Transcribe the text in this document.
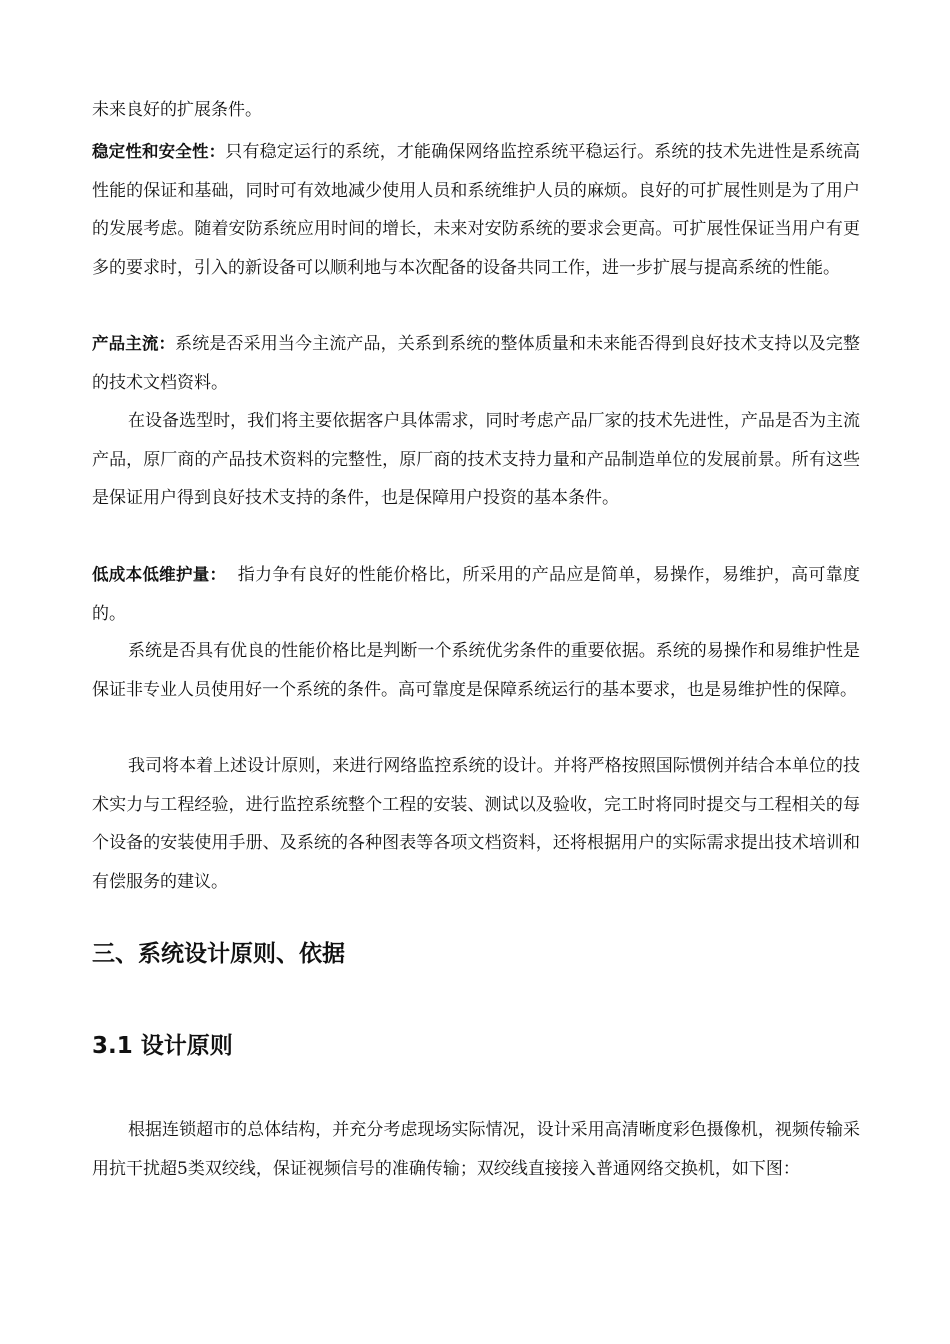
未来良好的扩展条件。

稳定性和安全性：只有稳定运行的系统，才能确保网络监控系统平稳运行。系统的技术先进性是系统高性能的保证和基础，同时可有效地减少使用人员和系统维护人员的麻烦。良好的可扩展性则是为了用户的发展考虑。随着安防系统应用时间的增长，未来对安防系统的要求会更高。可扩展性保证当用户有更多的要求时，引入的新设备可以顺利地与本次配备的设备共同工作，进一步扩展与提高系统的性能。

产品主流：系统是否采用当今主流产品，关系到系统的整体质量和未来能否得到良好技术支持以及完整的技术文档资料。

在设备选型时，我们将主要依据客户具体需求，同时考虑产品厂家的技术先进性，产品是否为主流产品，原厂商的产品技术资料的完整性，原厂商的技术支持力量和产品制造单位的发展前景。所有这些是保证用户得到良好技术支持的条件，也是保障用户投资的基本条件。

低成本低维护量：  指力争有良好的性能价格比，所采用的产品应是简单，易操作，易维护，高可靠度的。

系统是否具有优良的性能价格比是判断一个系统优劣条件的重要依据。系统的易操作和易维护性是保证非专业人员使用好一个系统的条件。高可靠度是保障系统运行的基本要求，也是易维护性的保障。

我司将本着上述设计原则，来进行网络监控系统的设计。并将严格按照国际惯例并结合本单位的技术实力与工程经验，进行监控系统整个工程的安装、测试以及验收，完工时将同时提交与工程相关的每个设备的安装使用手册、及系统的各种图表等各项文档资料，还将根据用户的实际需求提出技术培训和有偿服务的建议。

三、系统设计原则、依据
3.1 设计原则

根据连锁超市的总体结构，并充分考虑现场实际情况，设计采用高清晰度彩色摄像机，视频传输采用抗干扰超5类双绞线，保证视频信号的准确传输；双绞线直接接入普通网络交换机，如下图：
